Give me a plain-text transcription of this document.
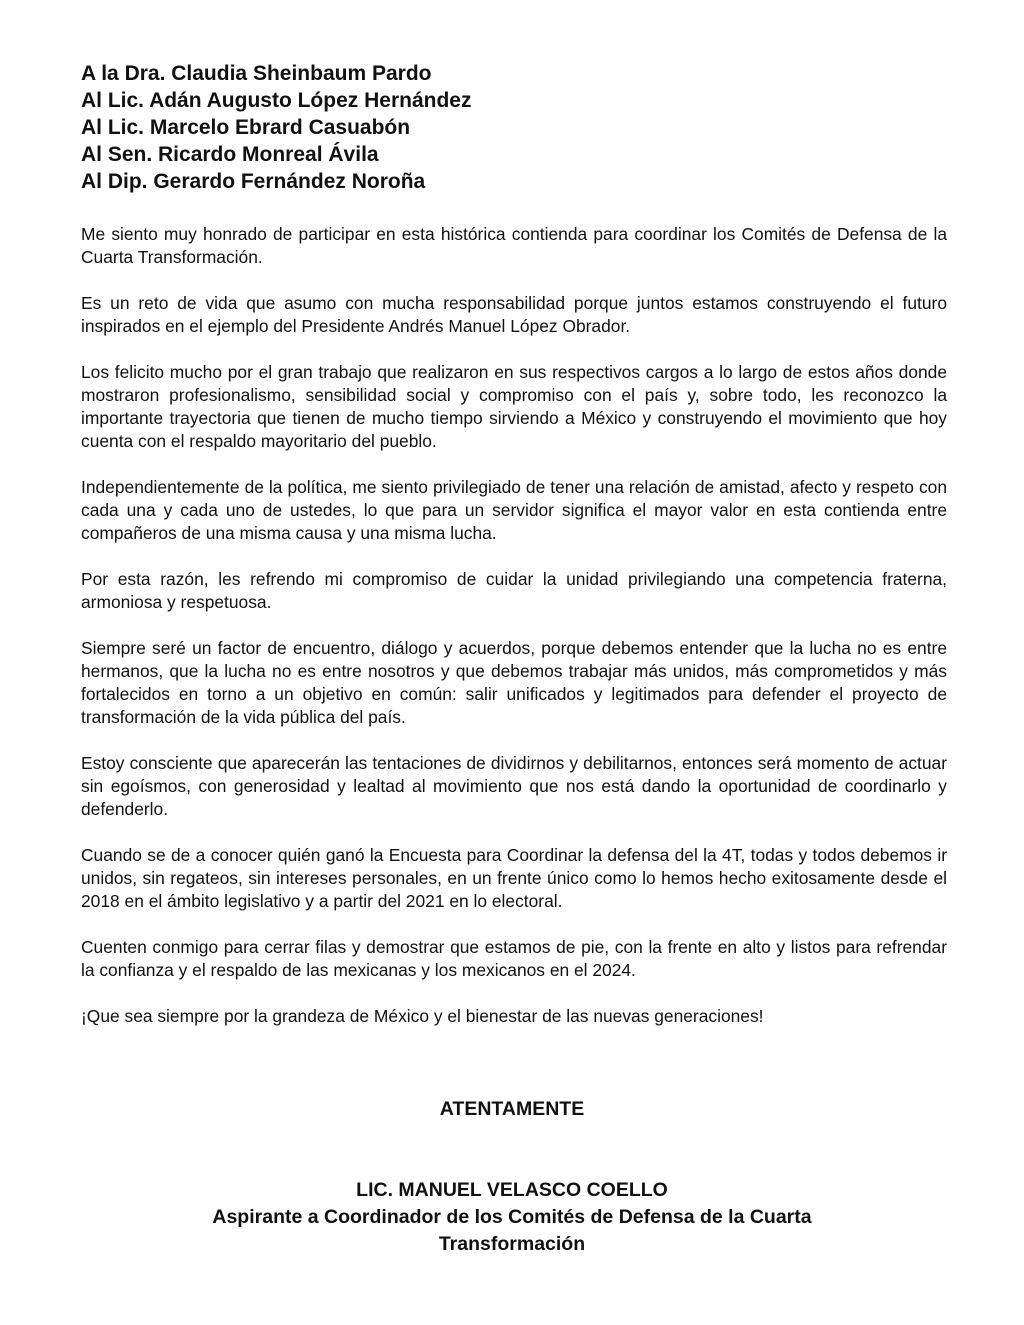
A la Dra. Claudia Sheinbaum Pardo
Al Lic. Adán Augusto López Hernández
Al Lic. Marcelo Ebrard Casuabón
Al Sen. Ricardo Monreal Ávila
Al Dip. Gerardo Fernández Noroña

Me siento muy honrado de participar en esta histórica contienda para coordinar los Comités de Defensa de la Cuarta Transformación.

Es un reto de vida que asumo con mucha responsabilidad porque juntos estamos construyendo el futuro inspirados en el ejemplo del Presidente Andrés Manuel López Obrador.

Los felicito mucho por el gran trabajo que realizaron en sus respectivos cargos a lo largo de estos años donde mostraron profesionalismo, sensibilidad social y compromiso con el país y, sobre todo, les reconozco la importante trayectoria que tienen de mucho tiempo sirviendo a México y construyendo el movimiento que hoy cuenta con el respaldo mayoritario del pueblo.

Independientemente de la política, me siento privilegiado de tener una relación de amistad, afecto y respeto con cada una y cada uno de ustedes, lo que para un servidor significa el mayor valor en esta contienda entre compañeros de una misma causa y una misma lucha.

Por esta razón, les refrendo mi compromiso de cuidar la unidad privilegiando una competencia fraterna, armoniosa y respetuosa.

Siempre seré un factor de encuentro, diálogo y acuerdos, porque debemos entender que la lucha no es entre hermanos, que la lucha no es entre nosotros y que debemos trabajar más unidos, más comprometidos y más fortalecidos en torno a un objetivo en común: salir unificados y legitimados para defender el proyecto de transformación de la vida pública del país.

Estoy consciente que aparecerán las tentaciones de dividirnos y debilitarnos, entonces será momento de actuar sin egoísmos, con generosidad y lealtad al movimiento que nos está dando la oportunidad de coordinarlo y defenderlo.

Cuando se de a conocer quién ganó la Encuesta para Coordinar la defensa del la 4T, todas y todos debemos ir unidos, sin regateos, sin intereses personales, en un frente único como lo hemos hecho exitosamente desde el 2018 en el ámbito legislativo y a partir del 2021 en lo electoral.

Cuenten conmigo para cerrar filas y demostrar que estamos de pie, con la frente en alto y listos para refrendar la confianza y el respaldo de las mexicanas y los mexicanos en el 2024.

¡Que sea siempre por la grandeza de México y el bienestar de las nuevas generaciones!

ATENTAMENTE
LIC. MANUEL VELASCO COELLO
Aspirante a Coordinador de los Comités de Defensa de la Cuarta
Transformación
